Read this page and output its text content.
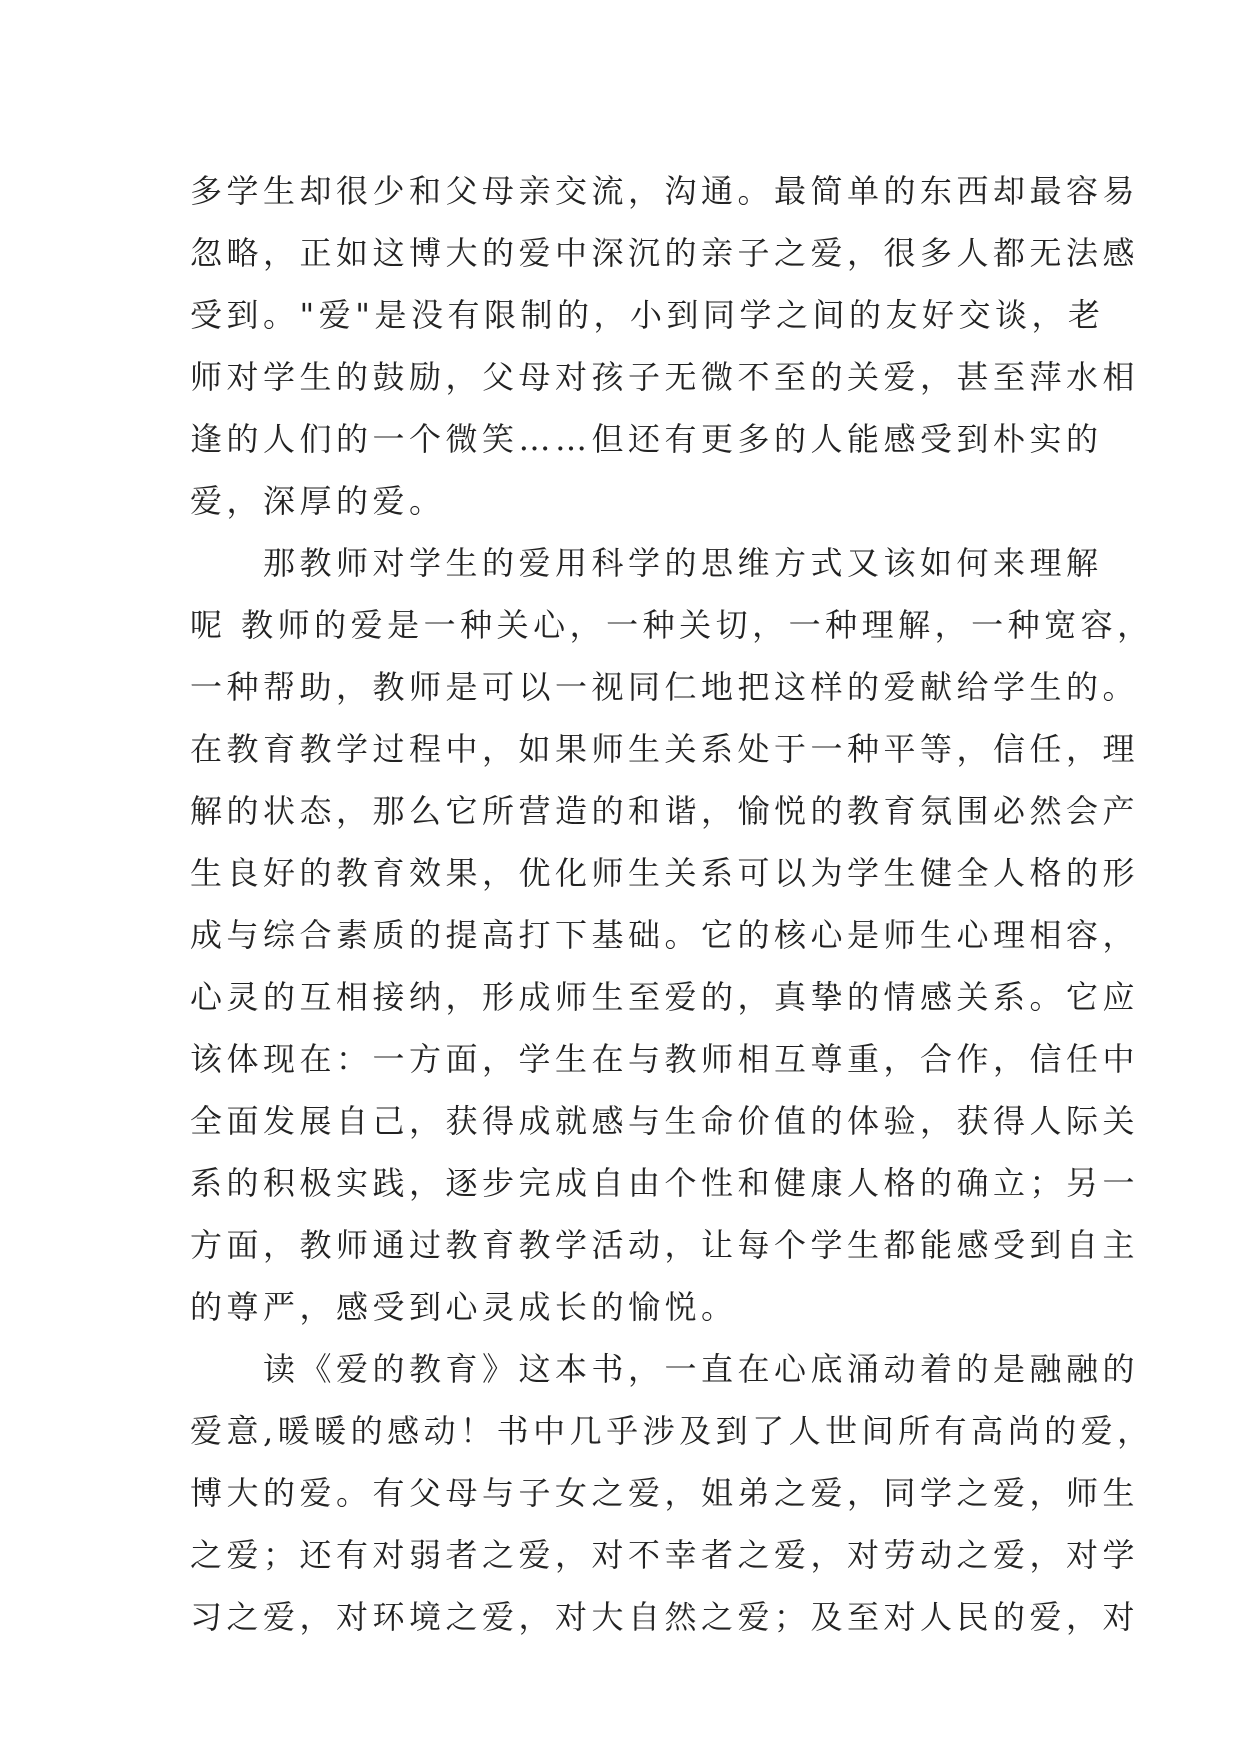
多学生却很少和父母亲交流，沟通。最简单的东西却最容易
忽略，正如这博大的爱中深沉的亲子之爱，很多人都无法感
受到。"爱"是没有限制的，小到同学之间的友好交谈，老
师对学生的鼓励，父母对孩子无微不至的关爱，甚至萍水相
逢的人们的一个微笑……但还有更多的人能感受到朴实的
爱，深厚的爱。
　　那教师对学生的爱用科学的思维方式又该如何来理解
呢 教师的爱是一种关心，一种关切，一种理解，一种宽容，
一种帮助，教师是可以一视同仁地把这样的爱献给学生的。
在教育教学过程中，如果师生关系处于一种平等，信任，理
解的状态，那么它所营造的和谐，愉悦的教育氛围必然会产
生良好的教育效果，优化师生关系可以为学生健全人格的形
成与综合素质的提高打下基础。它的核心是师生心理相容，
心灵的互相接纳，形成师生至爱的，真挚的情感关系。它应
该体现在：一方面，学生在与教师相互尊重，合作，信任中
全面发展自己，获得成就感与生命价值的体验，获得人际关
系的积极实践，逐步完成自由个性和健康人格的确立；另一
方面，教师通过教育教学活动，让每个学生都能感受到自主
的尊严，感受到心灵成长的愉悦。
　　读《爱的教育》这本书，一直在心底涌动着的是融融的
爱意,暖暖的感动！书中几乎涉及到了人世间所有高尚的爱，
博大的爱。有父母与子女之爱，姐弟之爱，同学之爱，师生
之爱；还有对弱者之爱，对不幸者之爱，对劳动之爱，对学
习之爱，对环境之爱，对大自然之爱；及至对人民的爱，对
